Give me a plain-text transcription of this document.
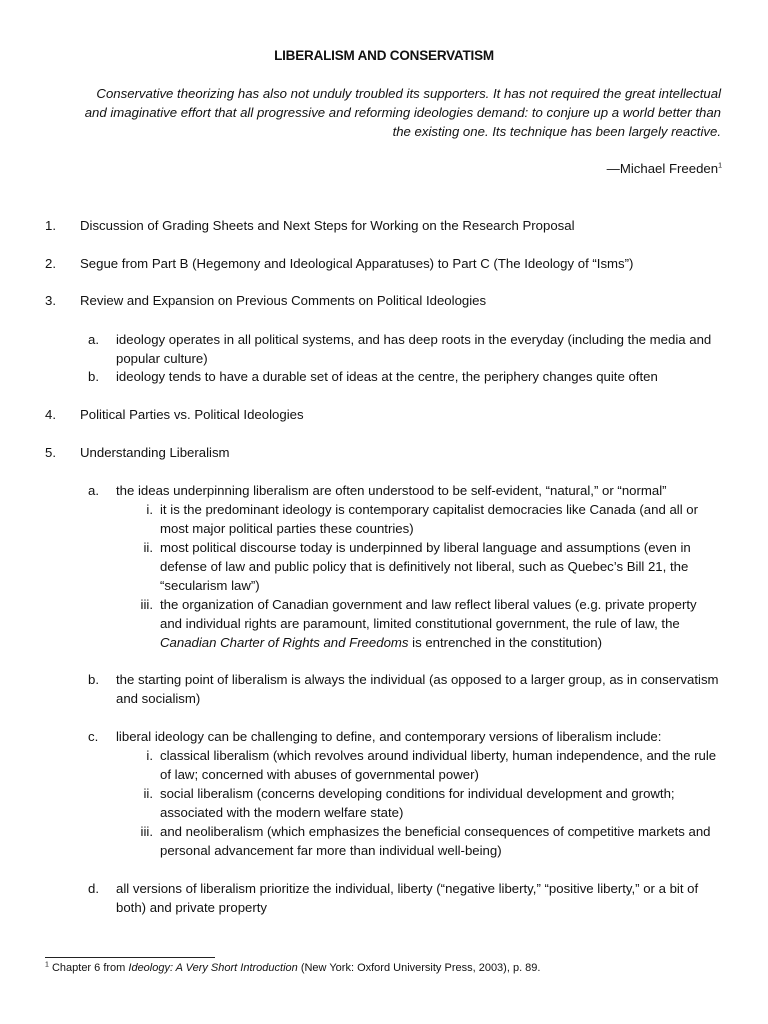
LIBERALISM AND CONSERVATISM
Conservative theorizing has also not unduly troubled its supporters. It has not required the great intellectual and imaginative effort that all progressive and reforming ideologies demand: to conjure up a world better than the existing one. Its technique has been largely reactive.
—Michael Freeden$^1$
1.	Discussion of Grading Sheets and Next Steps for Working on the Research Proposal
2.	Segue from Part B (Hegemony and Ideological Apparatuses) to Part C (The Ideology of “Isms”)
3.	Review and Expansion on Previous Comments on Political Ideologies
a.	ideology operates in all political systems, and has deep roots in the everyday (including the media and popular culture)
b.	ideology tends to have a durable set of ideas at the centre, the periphery changes quite often
4.	Political Parties vs. Political Ideologies
5.	Understanding Liberalism
a.	the ideas underpinning liberalism are often understood to be self-evident, “natural,” or “normal”
i. it is the predominant ideology is contemporary capitalist democracies like Canada (and all or most major political parties these countries)
ii. most political discourse today is underpinned by liberal language and assumptions (even in defense of law and public policy that is definitively not liberal, such as Quebec’s Bill 21, the “secularism law”)
iii. the organization of Canadian government and law reflect liberal values (e.g. private property and individual rights are paramount, limited constitutional government, the rule of law, the Canadian Charter of Rights and Freedoms is entrenched in the constitution)
b.	the starting point of liberalism is always the individual (as opposed to a larger group, as in conservatism and socialism)
c.	liberal ideology can be challenging to define, and contemporary versions of liberalism include:
i. classical liberalism (which revolves around individual liberty, human independence, and the rule of law; concerned with abuses of governmental power)
ii. social liberalism (concerns developing conditions for individual development and growth; associated with the modern welfare state)
iii. and neoliberalism (which emphasizes the beneficial consequences of competitive markets and personal advancement far more than individual well-being)
d.	all versions of liberalism prioritize the individual, liberty (“negative liberty,” “positive liberty,” or a bit of both) and private property
$^1$ Chapter 6 from Ideology: A Very Short Introduction (New York: Oxford University Press, 2003), p. 89.
